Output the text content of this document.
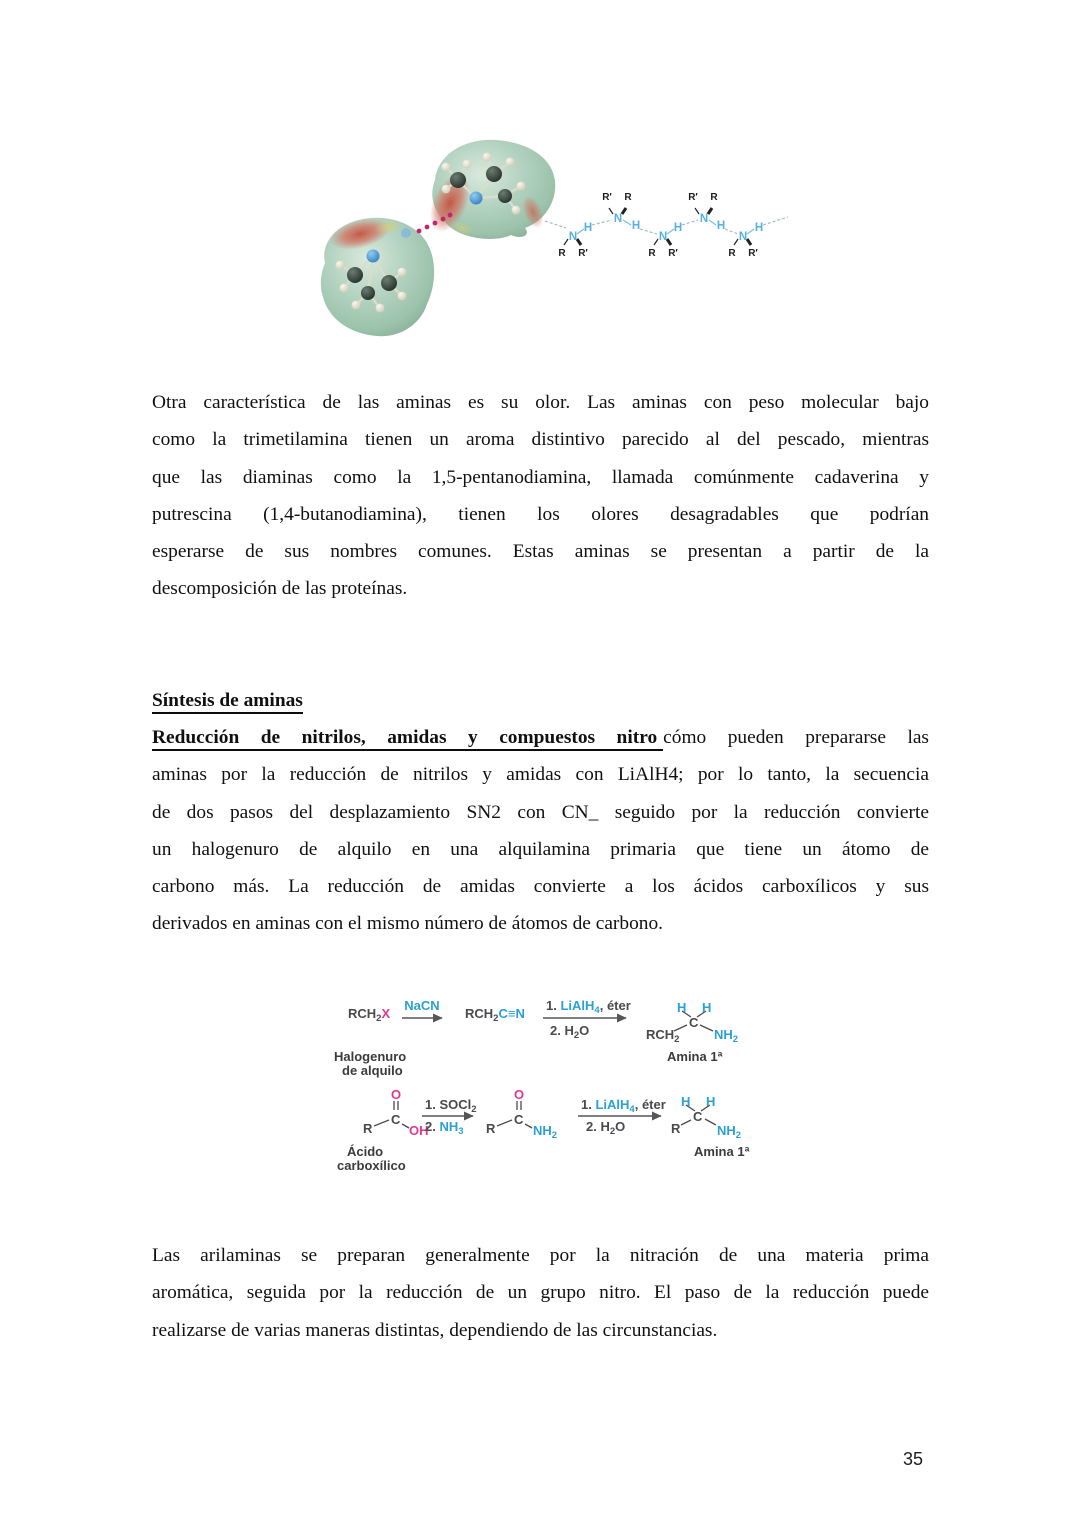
N
H
N
H
N
H
N
H
N
H
R R′
R′ R
R R′
R′ R
R R′
Otra característica de las aminas es su olor. Las aminas con peso molecular bajo
como la trimetilamina tienen un aroma distintivo parecido al del pescado, mientras
que las diaminas como la 1,5-pentanodiamina, llamada comúnmente cadaverina y
putrescina (1,4-butanodiamina), tienen los olores desagradables que podrían
esperarse de sus nombres comunes. Estas aminas se presentan a partir de la
descomposición de las proteínas.
Síntesis de aminas
Reducción de nitrilos, amidas y compuestos nitro cómo pueden prepararse las
aminas por la reducción de nitrilos y amidas con LiAlH4; por lo tanto, la secuencia
de dos pasos del desplazamiento SN2 con CN_ seguido por la reducción convierte
un halogenuro de alquilo en una alquilamina primaria que tiene un átomo de
carbono más. La reducción de amidas convierte a los ácidos carboxílicos y sus
derivados en aminas con el mismo número de átomos de carbono.
$RCH_2X$
NaCN
$RCH_2C\equiv N$
1. LiAlH$_4$, éter
2. $H_2O$
H H
C
$RCH_2$	$NH_2$
Halogenuro
de alquilo
Amina 1ª
O
C
R	OH
Ácido
carboxílico
1. SOCl$_2$
2. $NH_3$
O
C
R	$NH_2$
1. LiAlH$_4$, éter
2. $H_2O$
H H
C
R	$NH_2$
Amina 1ª
Las arilaminas se preparan generalmente por la nitración de una materia prima
aromática, seguida por la reducción de un grupo nitro. El paso de la reducción puede
realizarse de varias maneras distintas, dependiendo de las circunstancias.
35
